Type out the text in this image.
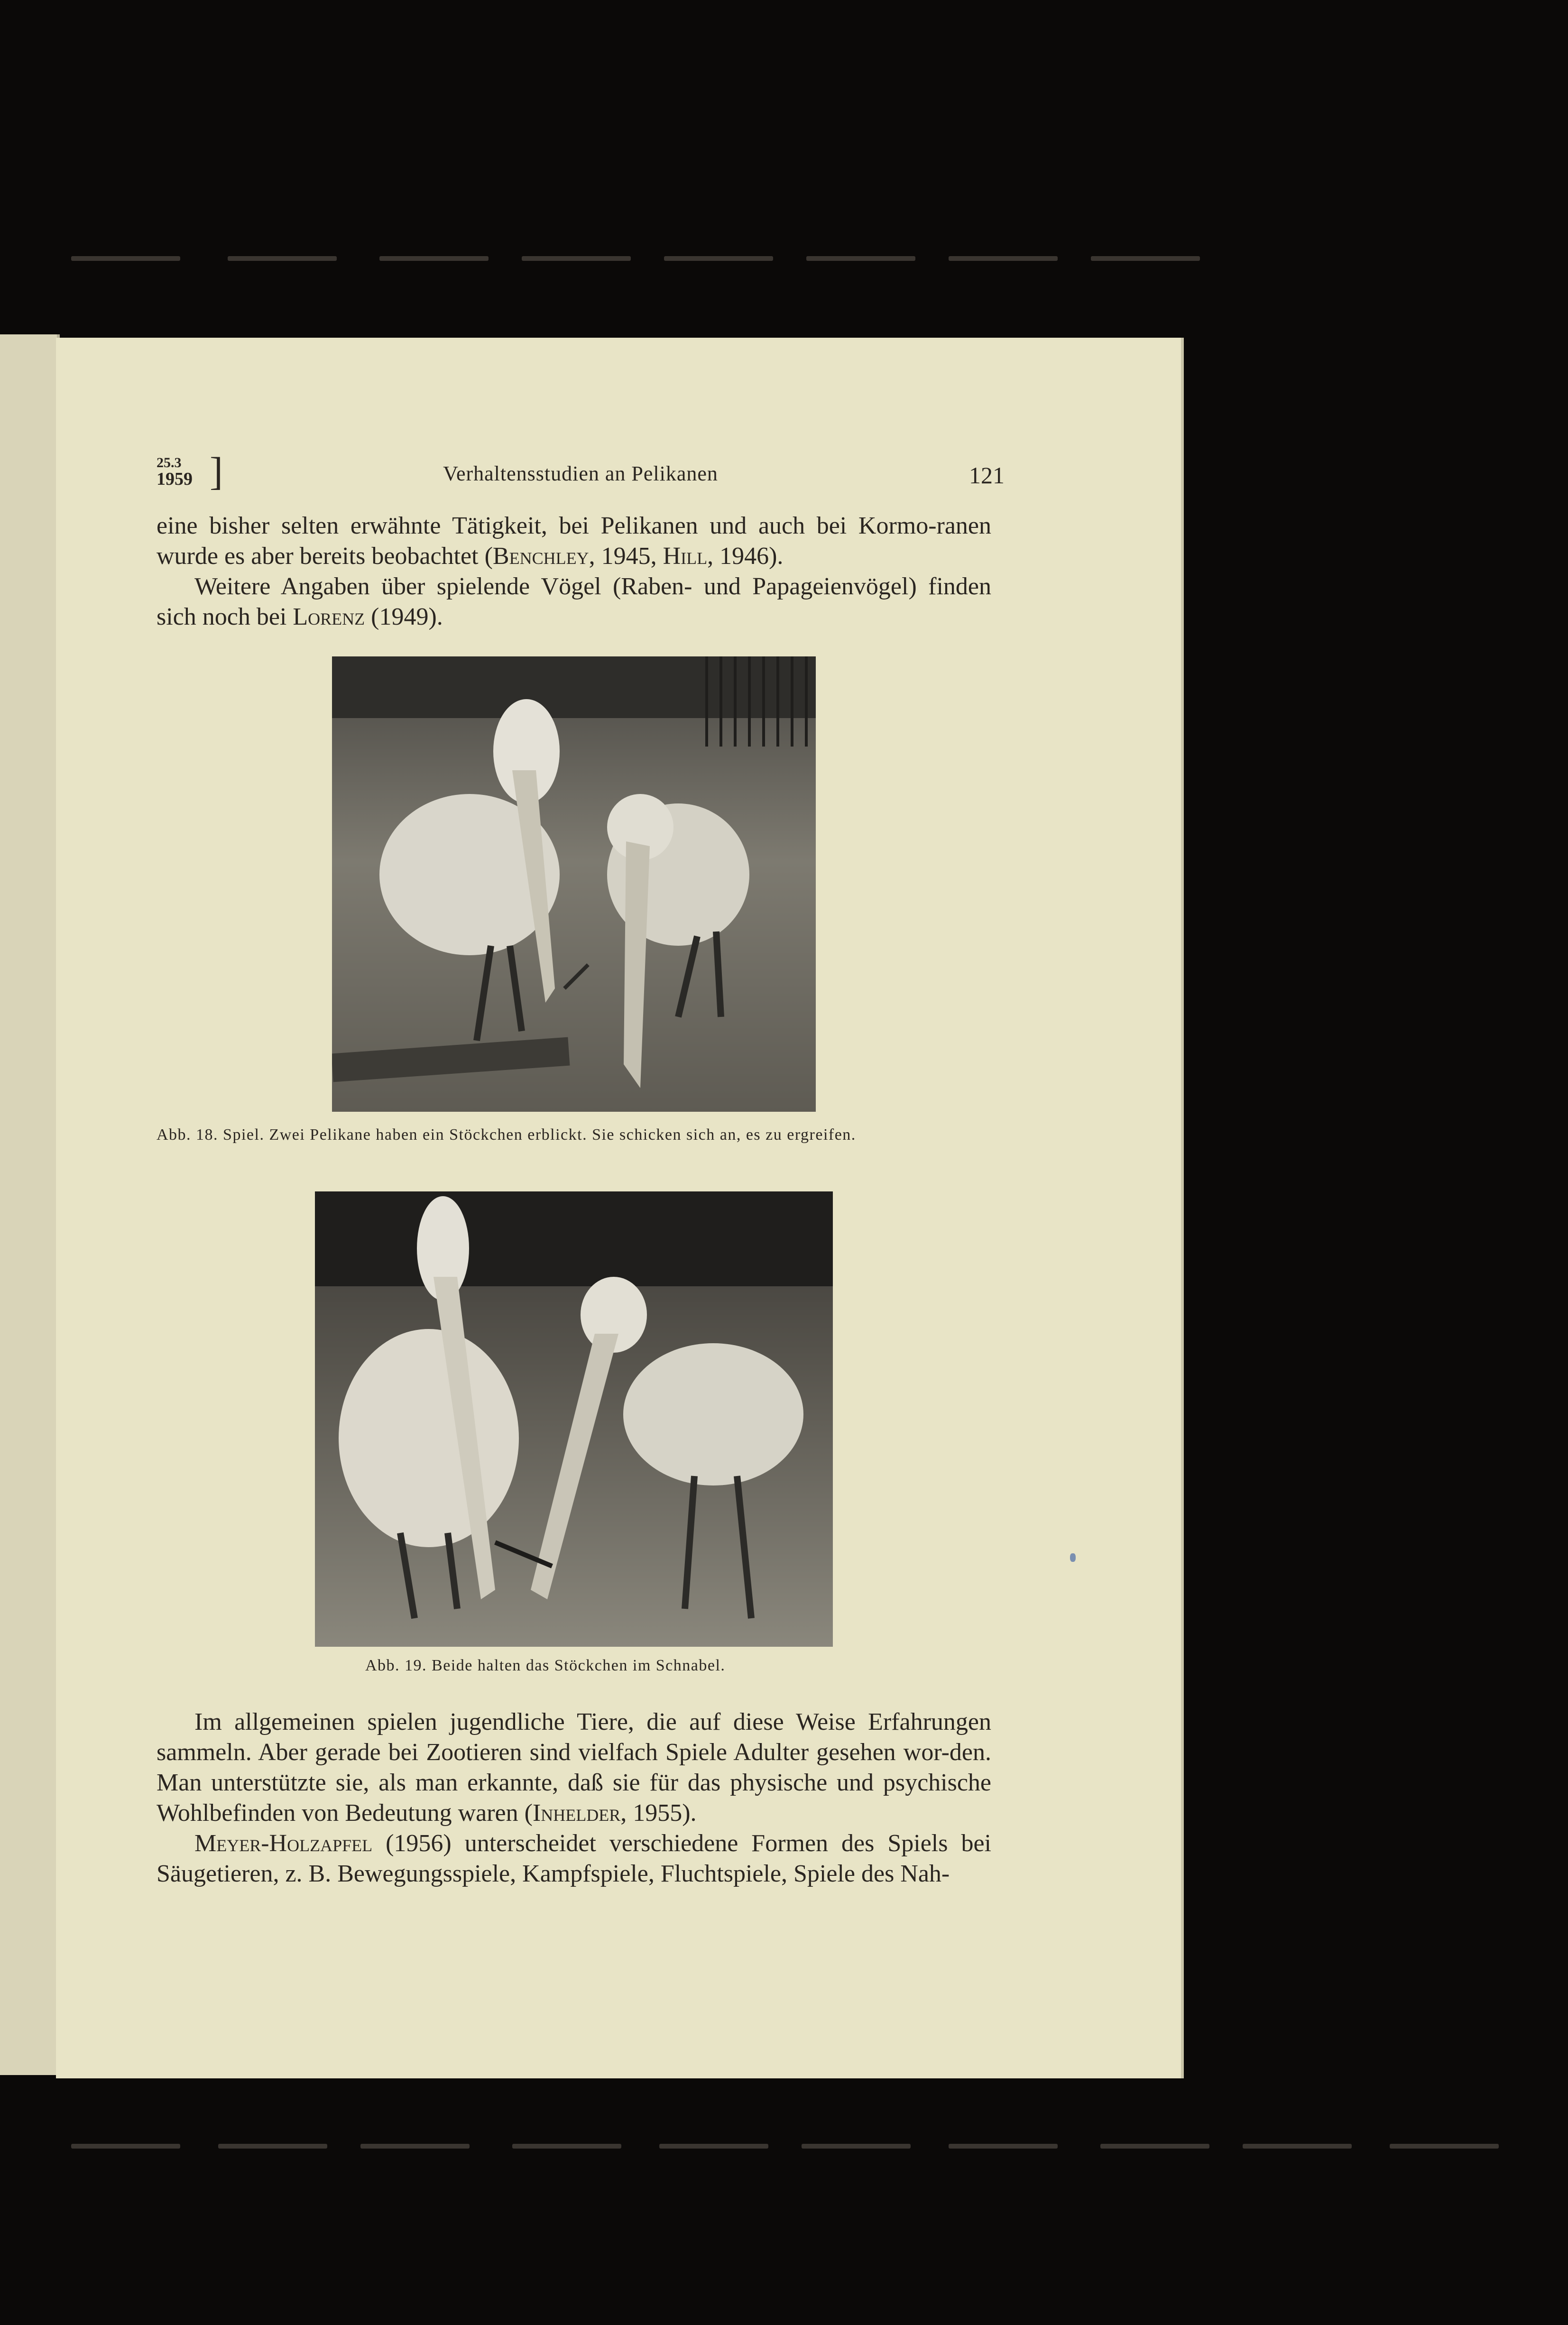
25.3
1959 ]	Verhaltensstudien an Pelikanen	121

eine bisher selten erwähnte Tätigkeit, bei Pelikanen und auch bei Kormo-ranen wurde es aber bereits beobachtet (Benchley, 1945, Hill, 1946).

Weitere Angaben über spielende Vögel (Raben- und Papageienvögel) finden sich noch bei Lorenz (1949).

Abb. 18. Spiel. Zwei Pelikane haben ein Stöckchen erblickt. Sie schicken sich an, es zu ergreifen.
Abb. 19. Beide halten das Stöckchen im Schnabel.

Im allgemeinen spielen jugendliche Tiere, die auf diese Weise Erfahrungen sammeln. Aber gerade bei Zootieren sind vielfach Spiele Adulter gesehen wor-den. Man unterstützte sie, als man erkannte, daß sie für das physische und psychische Wohlbefinden von Bedeutung waren (Inhelder, 1955).

Meyer-Holzapfel (1956) unterscheidet verschiedene Formen des Spiels bei Säugetieren, z. B. Bewegungsspiele, Kampfspiele, Fluchtspiele, Spiele des Nah-
